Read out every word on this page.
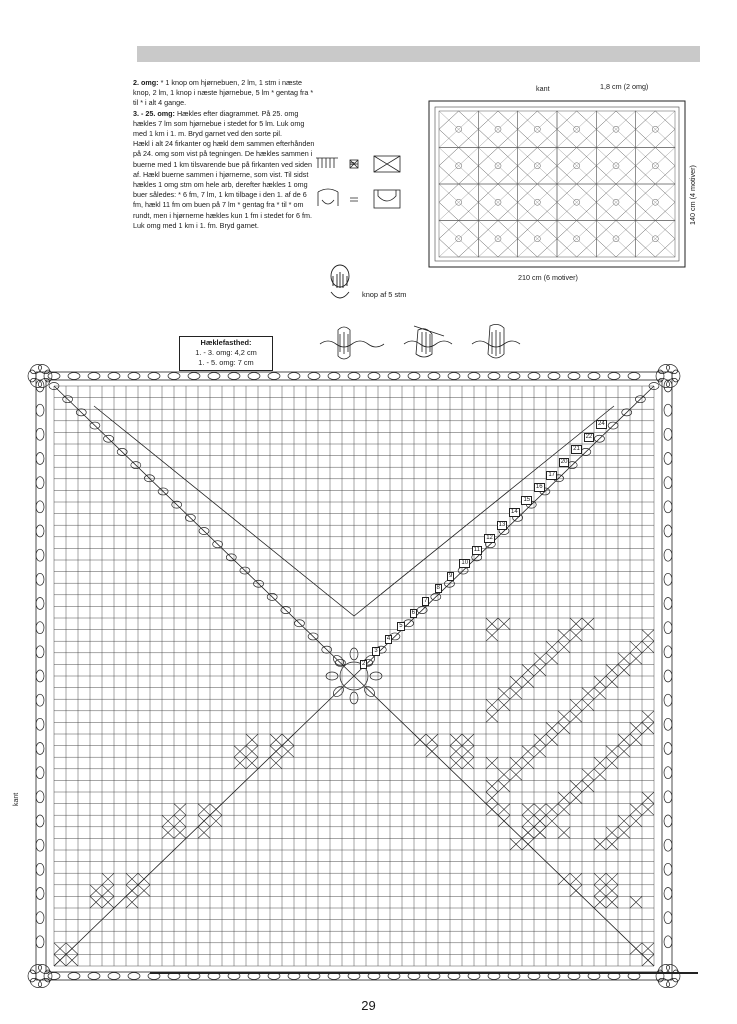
2. omg: * 1 knop om hjørnebuen, 2 lm, 1 stm i næste knop, 2 lm, 1 knop i næste hjørnebue, 5 lm * gentag fra * til * i alt 4 gange.

3. - 25. omg: Hækles efter diagrammet. På 25. omg hækles 7 lm som hjørnebue i stedet for 5 lm. Luk omg med 1 km i 1. m. Bryd garnet ved den sorte pil.

Hækl i alt 24 firkanter og hækl dem sammen efterhånden på 24. omg som vist på tegningen. De hækles sammen i buerne med 1 km tilsvarende bue på firkanten ved siden af. Hækl buerne sammen i hjørnerne, som vist. Til sidst hækles 1 omg stm om hele arb, derefter hækles 1 omg buer således: * 6 fm, 7 lm, 1 km tilbage i den 1. af de 6 fm, hækl 11 fm om buen på 7 lm * gentag fra * til * om rundt, men i hjørnerne hækles kun 1 fm i stedet for 6 fm. Luk omg med 1 km i 1. fm. Bryd garnet.

kant	1,8 cm (2 omg)
210 cm (6 motiver)
140 cm (4 motiver)
=
knop af 5 stm
Hæklefasthed:
1. - 3. omg: 4,2 cm
1. - 5. omg: 7 cm
kant
29
24
22
21
20
17
16
15
14
13
12
11
10
9
8
7
6
5
4
3
2
